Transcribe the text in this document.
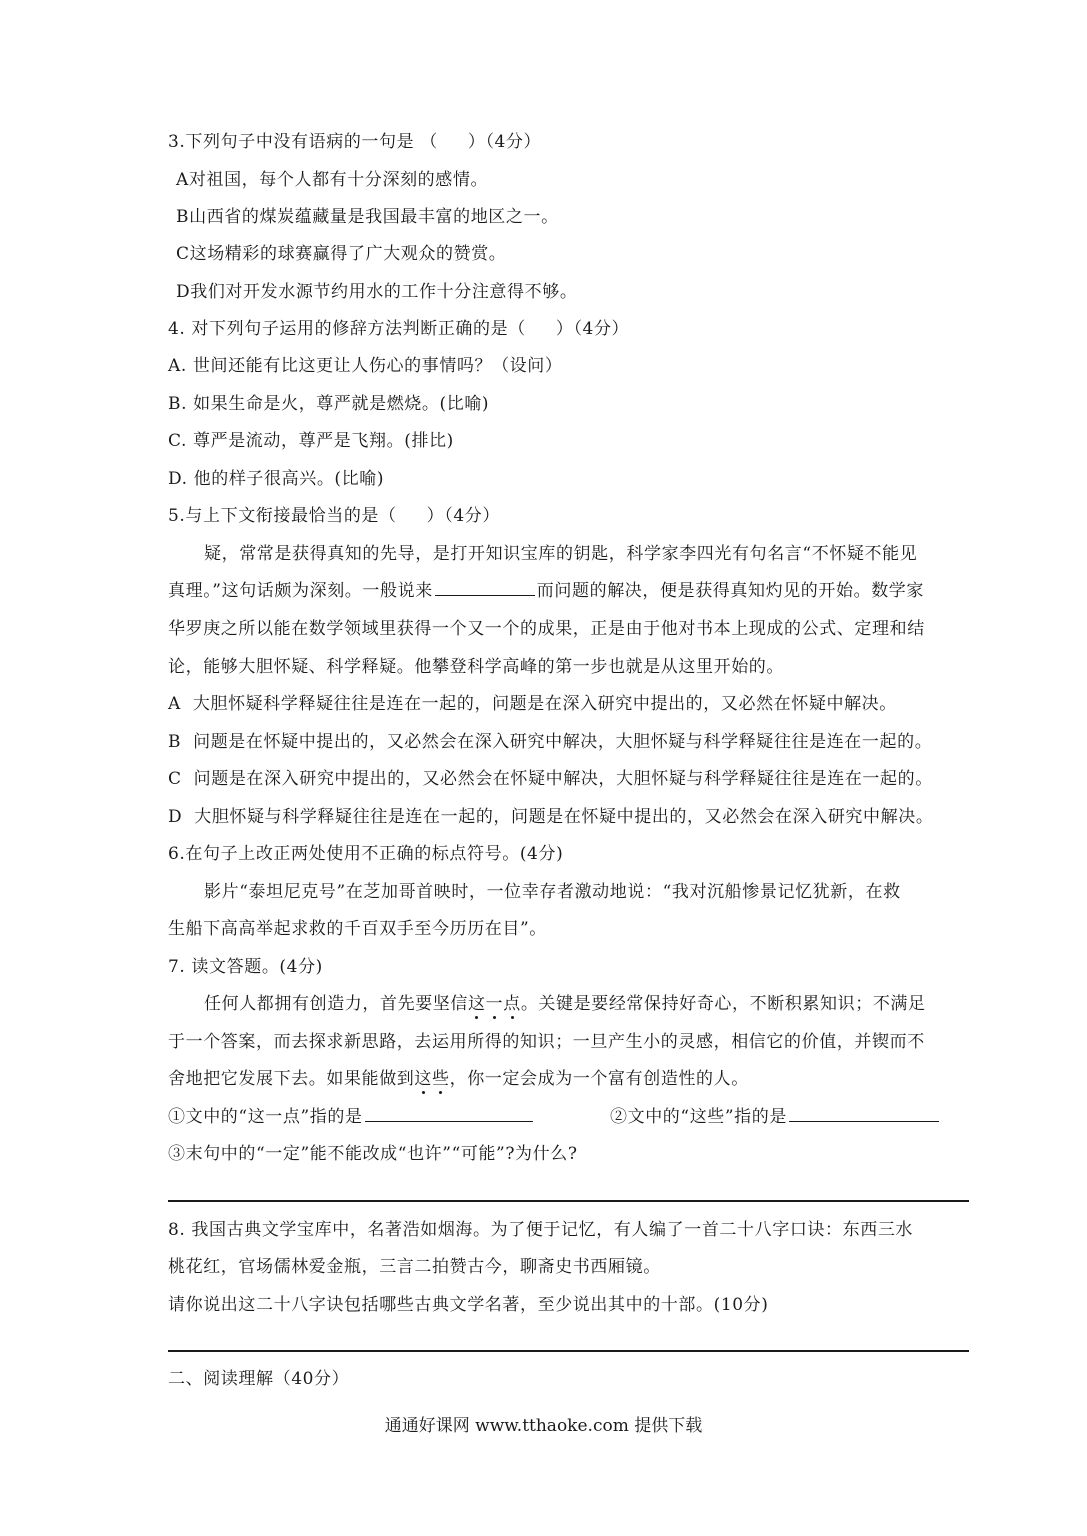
3.下列句子中没有语病的一句是 （     ）（4分）
A对祖国，每个人都有十分深刻的感情。
B山西省的煤炭蕴藏量是我国最丰富的地区之一。
C这场精彩的球赛赢得了广大观众的赞赏。
D我们对开发水源节约用水的工作十分注意得不够。
4. 对下列句子运用的修辞方法判断正确的是（     ）（4分）
A. 世间还能有比这更让人伤心的事情吗？（设问）
B. 如果生命是火，尊严就是燃烧。(比喻)
C. 尊严是流动，尊严是飞翔。(排比)
D. 他的样子很高兴。(比喻)
5.与上下文衔接最恰当的是（     ）（4分）
疑，常常是获得真知的先导，是打开知识宝库的钥匙，科学家李四光有句名言“不怀疑不能见
真理。”这句话颇为深刻。一般说来	而问题的解决，便是获得真知灼见的开始。数学家
华罗庚之所以能在数学领域里获得一个又一个的成果，正是由于他对书本上现成的公式、定理和结
论，能够大胆怀疑、科学释疑。他攀登科学高峰的第一步也就是从这里开始的。
A  大胆怀疑科学释疑往往是连在一起的，问题是在深入研究中提出的，又必然在怀疑中解决。
B  问题是在怀疑中提出的，又必然会在深入研究中解决，大胆怀疑与科学释疑往往是连在一起的。
C  问题是在深入研究中提出的，又必然会在怀疑中解决，大胆怀疑与科学释疑往往是连在一起的。
D  大胆怀疑与科学释疑往往是连在一起的，问题是在怀疑中提出的，又必然会在深入研究中解决。
6.在句子上改正两处使用不正确的标点符号。(4分)
影片“泰坦尼克号”在芝加哥首映时，一位幸存者激动地说：“我对沉船惨景记忆犹新，在救
生船下高高举起求救的千百双手至今历历在目”。
7. 读文答题。(4分)
任何人都拥有创造力，首先要坚信这一点。关键是要经常保持好奇心，不断积累知识；不满足
于一个答案，而去探求新思路，去运用所得的知识；一旦产生小的灵感，相信它的价值，并锲而不
舍地把它发展下去。如果能做到这些，你一定会成为一个富有创造性的人。
①文中的“这一点”指的是	②文中的“这些”指的是
③末句中的“一定”能不能改成“也许”“可能”?为什么?
8. 我国古典文学宝库中，名著浩如烟海。为了便于记忆，有人编了一首二十八字口诀：东西三水
桃花红，官场儒林爱金瓶，三言二拍赞古今，聊斋史书西厢镜。
请你说出这二十八字诀包括哪些古典文学名著，至少说出其中的十部。(10分)
二、阅读理解（40分）
通通好课网 www.tthaoke.com 提供下载
